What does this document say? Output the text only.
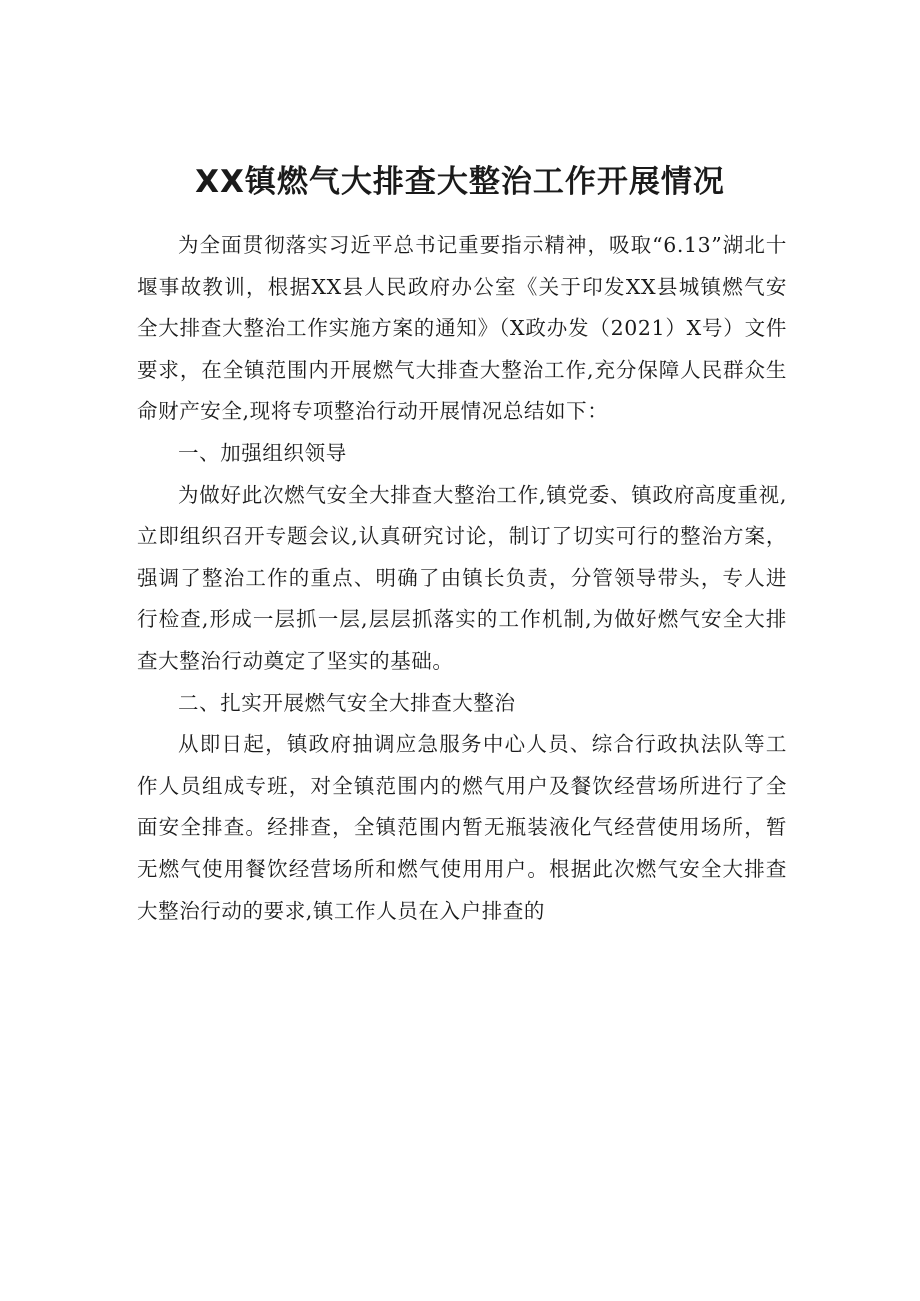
XX镇燃气大排查大整治工作开展情况

为全面贯彻落实习近平总书记重要指示精神，吸取“6.13”湖北十堰事故教训，根据XX县人民政府办公室《关于印发XX县城镇燃气安全大排查大整治工作实施方案的通知》（X政办发（2021）X号）文件要求，在全镇范围内开展燃气大排查大整治工作,充分保障人民群众生命财产安全,现将专项整治行动开展情况总结如下：

一、加强组织领导

为做好此次燃气安全大排查大整治工作,镇党委、镇政府高度重视,立即组织召开专题会议,认真研究讨论，制订了切实可行的整治方案，强调了整治工作的重点、明确了由镇长负责，分管领导带头，专人进行检查,形成一层抓一层,层层抓落实的工作机制,为做好燃气安全大排查大整治行动奠定了坚实的基础。

二、扎实开展燃气安全大排查大整治

从即日起，镇政府抽调应急服务中心人员、综合行政执法队等工作人员组成专班，对全镇范围内的燃气用户及餐饮经营场所进行了全面安全排查。经排查，全镇范围内暂无瓶装液化气经营使用场所，暂无燃气使用餐饮经营场所和燃气使用用户。根据此次燃气安全大排查大整治行动的要求,镇工作人员在入户排查的
